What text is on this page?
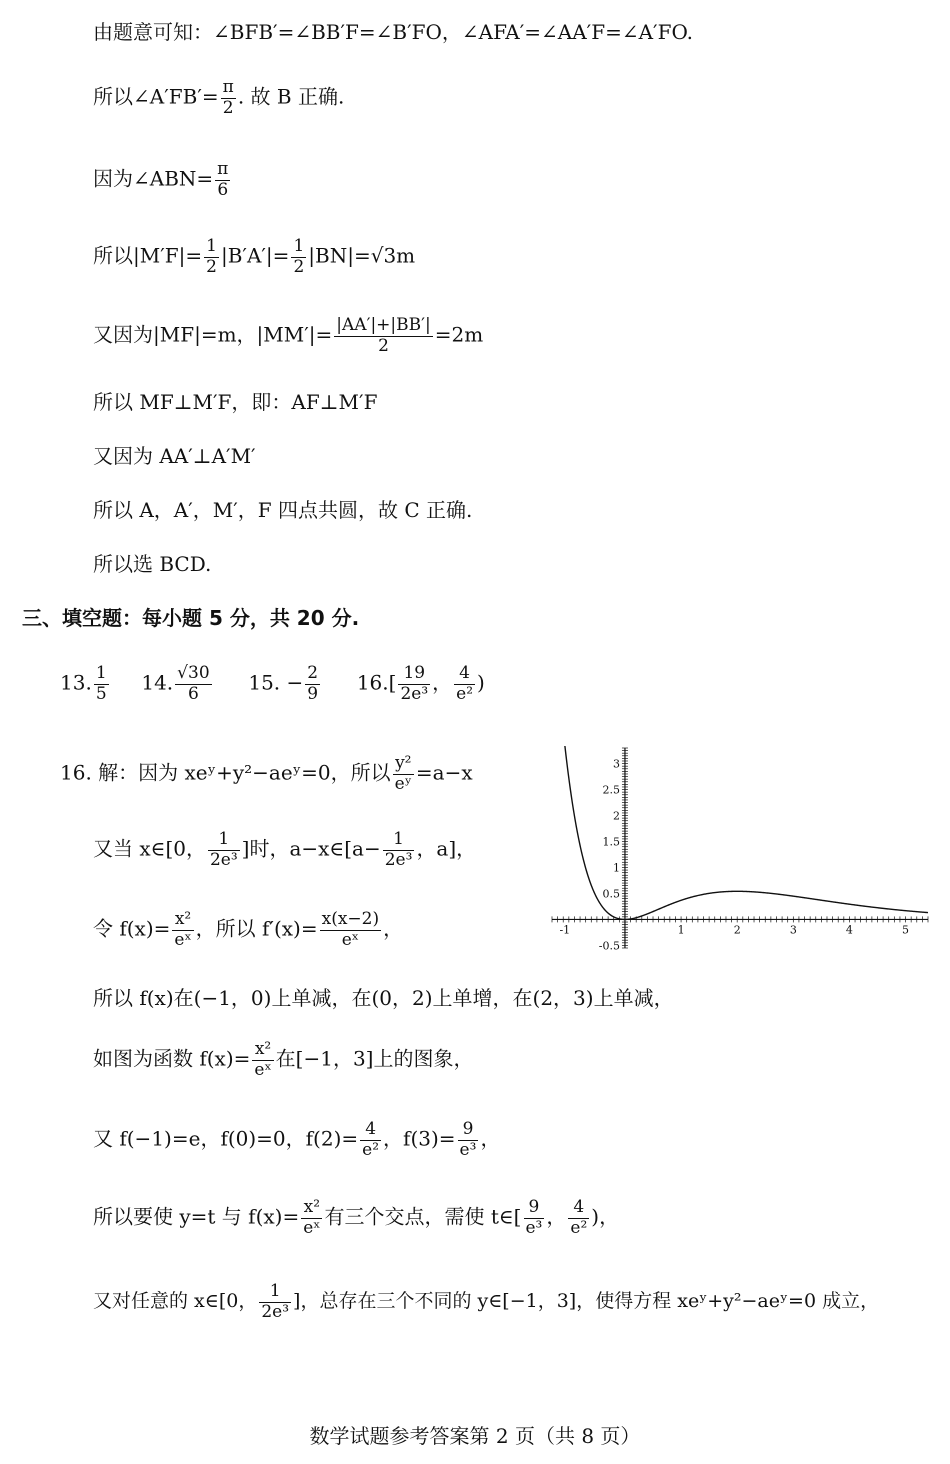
由题意可知：∠BFB′=∠BB′F=∠B′FO，∠AFA′=∠AA′F=∠A′FO.
所以∠A′FB′= $\frac{\pi}{2}$ . 故 B 正确.
因为∠ABN= $\frac{\pi}{6}$
所以$|M'F|= \frac{1}{2} |B'A'|= \frac{1}{2} |BN|=√3m$
又因为|MF|=m，$|MM'|= \frac{|AA'|+|BB'|}{2} =2m$
所以 MF⊥M′F，即：AF⊥M′F
又因为 AA′⊥A′M′
所以 A，A′，M′，F 四点共圆，故 C 正确.
所以选 BCD.
三、填空题：每小题 5 分，共 20 分.
13. $\frac{1}{5} 14$. $\frac{√30}{6} 15$. − $\frac{2}{9} 16.[ \frac{19}{\text{2e³}}$ ， $\frac{4}{\text{e²}}$ )
16. 解：因为 xeʸ+y²−aeʸ=0，所以 $\frac{\text{y²}}{\text{eʸ}} =a-x$
又当 x∈[0， $\frac{1}{\text{2e³}}$ ]时，a−x∈[a− $\frac{1}{\text{2e³}}$ ，a]，
令 $f(x)= \frac{\text{x²}}{\text{eˣ}}$ ，所以 $f'(x)= \frac{x(x-2)}{\text{eˣ}}$ ，
所以 f(x)在(−1，0)上单减，在(0，2)上单增，在(2，3)上单减，
如图为函数 $f(x)= \frac{\text{x²}}{\text{eˣ}}$ 在[−1，3]上的图象，
又 f(−1)=e，f(0)=0，$f(2)= \frac{4}{\text{e²}}$ ，$f(3)= \frac{9}{\text{e³}}$ ，
所以要使 y=t 与 $f(x)= \frac{\text{x²}}{\text{eˣ}}$ 有三个交点，需使 t∈[ $\frac{9}{\text{e³}}$ ， $\frac{4}{\text{e²}}$ )，
又对任意的 x∈[0， $\frac{1}{\text{2e³}}$ ]，总存在三个不同的 y∈[−1，3]，使得方程 xeʸ+y²−aeʸ=0 成立，
-1	1	2	3	4	5
3
2.5
2
1.5
1
0.5
-0.5
数学试题参考答案第 2 页（共 8 页）
